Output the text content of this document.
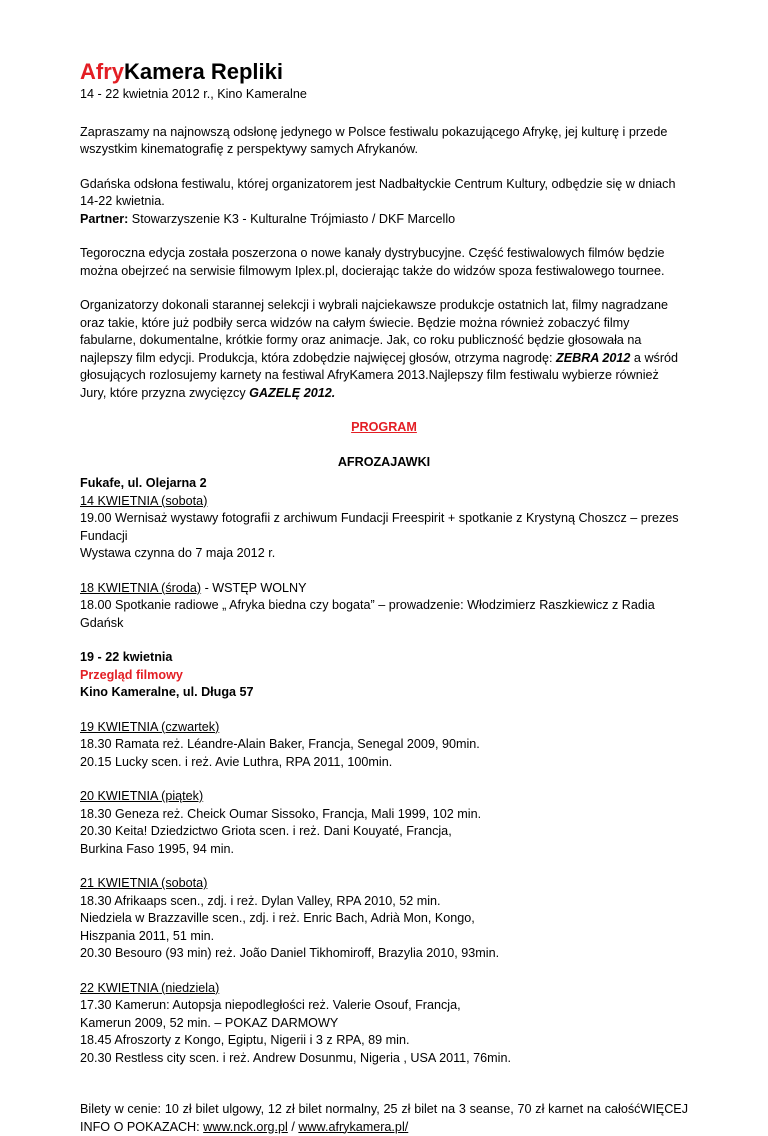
AfryKamera Repliki

14 - 22 kwietnia 2012 r., Kino Kameralne

Zapraszamy na najnowszą odsłonę jedynego w Polsce festiwalu pokazującego Afrykę, jej kulturę i przede wszystkim kinematografię z perspektywy samych Afrykanów.

Gdańska odsłona festiwalu, której organizatorem jest Nadbałtyckie Centrum Kultury, odbędzie się w dniach 14-22 kwietnia.

Partner: Stowarzyszenie K3 - Kulturalne Trójmiasto / DKF Marcello

Tegoroczna edycja została poszerzona o nowe kanały dystrybucyjne. Część festiwalowych filmów będzie można obejrzeć na serwisie filmowym Iplex.pl, docierając także do widzów spoza festiwalowego tournee.

Organizatorzy dokonali starannej selekcji i wybrali najciekawsze produkcje ostatnich lat, filmy nagradzane oraz takie, które już podbiły serca widzów na całym świecie. Będzie można również zobaczyć filmy fabularne, dokumentalne, krótkie formy oraz animacje. Jak, co roku publiczność będzie głosowała na najlepszy film edycji. Produkcja, która zdobędzie najwięcej głosów, otrzyma nagrodę: ZEBRA 2012 a wśród głosujących rozlosujemy karnety na festiwal AfryKamera 2013.Najlepszy film festiwalu wybierze również Jury, które przyzna zwycięzcy GAZELĘ 2012.

PROGRAM

AFROZAJAWKI

Fukafe, ul. Olejarna 2

14 KWIETNIA (sobota)

19.00 Wernisaż wystawy fotografii z archiwum Fundacji Freespirit + spotkanie z Krystyną Choszcz – prezes Fundacji

Wystawa czynna do 7 maja 2012 r.

18 KWIETNIA (środa) - WSTĘP WOLNY

18.00 Spotkanie radiowe „ Afryka biedna czy bogata” – prowadzenie: Włodzimierz Raszkiewicz z Radia Gdańsk

19 - 22 kwietnia

Przegląd filmowy

Kino Kameralne, ul. Długa 57

19 KWIETNIA (czwartek)

18.30 Ramata reż. Léandre-Alain Baker, Francja, Senegal 2009, 90min.

20.15 Lucky scen. i reż. Avie Luthra, RPA 2011, 100min.

20 KWIETNIA (piątek)

18.30 Geneza reż. Cheick Oumar Sissoko, Francja, Mali 1999, 102 min.

20.30 Keita! Dziedzictwo Griota scen. i reż. Dani Kouyaté, Francja,

Burkina Faso 1995, 94 min.

21 KWIETNIA (sobota)

18.30 Afrikaaps scen., zdj. i reż. Dylan Valley, RPA 2010, 52 min.

Niedziela w Brazzaville scen., zdj. i reż. Enric Bach, Adrià Mon, Kongo,

Hiszpania 2011, 51 min.

20.30 Besouro (93 min) reż. João Daniel Tikhomiroff, Brazylia 2010, 93min.

22 KWIETNIA (niedziela)

17.30 Kamerun: Autopsja niepodległości reż. Valerie Osouf, Francja,

Kamerun 2009, 52 min. – POKAZ DARMOWY

18.45 Afroszorty z Kongo, Egiptu, Nigerii i 3 z RPA, 89 min.

20.30 Restless city scen. i reż. Andrew Dosunmu, Nigeria , USA 2011, 76min.

Bilety w cenie: 10 zł bilet ulgowy, 12 zł bilet normalny, 25 zł bilet na 3 seanse, 70 zł karnet na całośćWIĘCEJ INFO O POKAZACH: www.nck.org.pl / www.afrykamera.pl/
